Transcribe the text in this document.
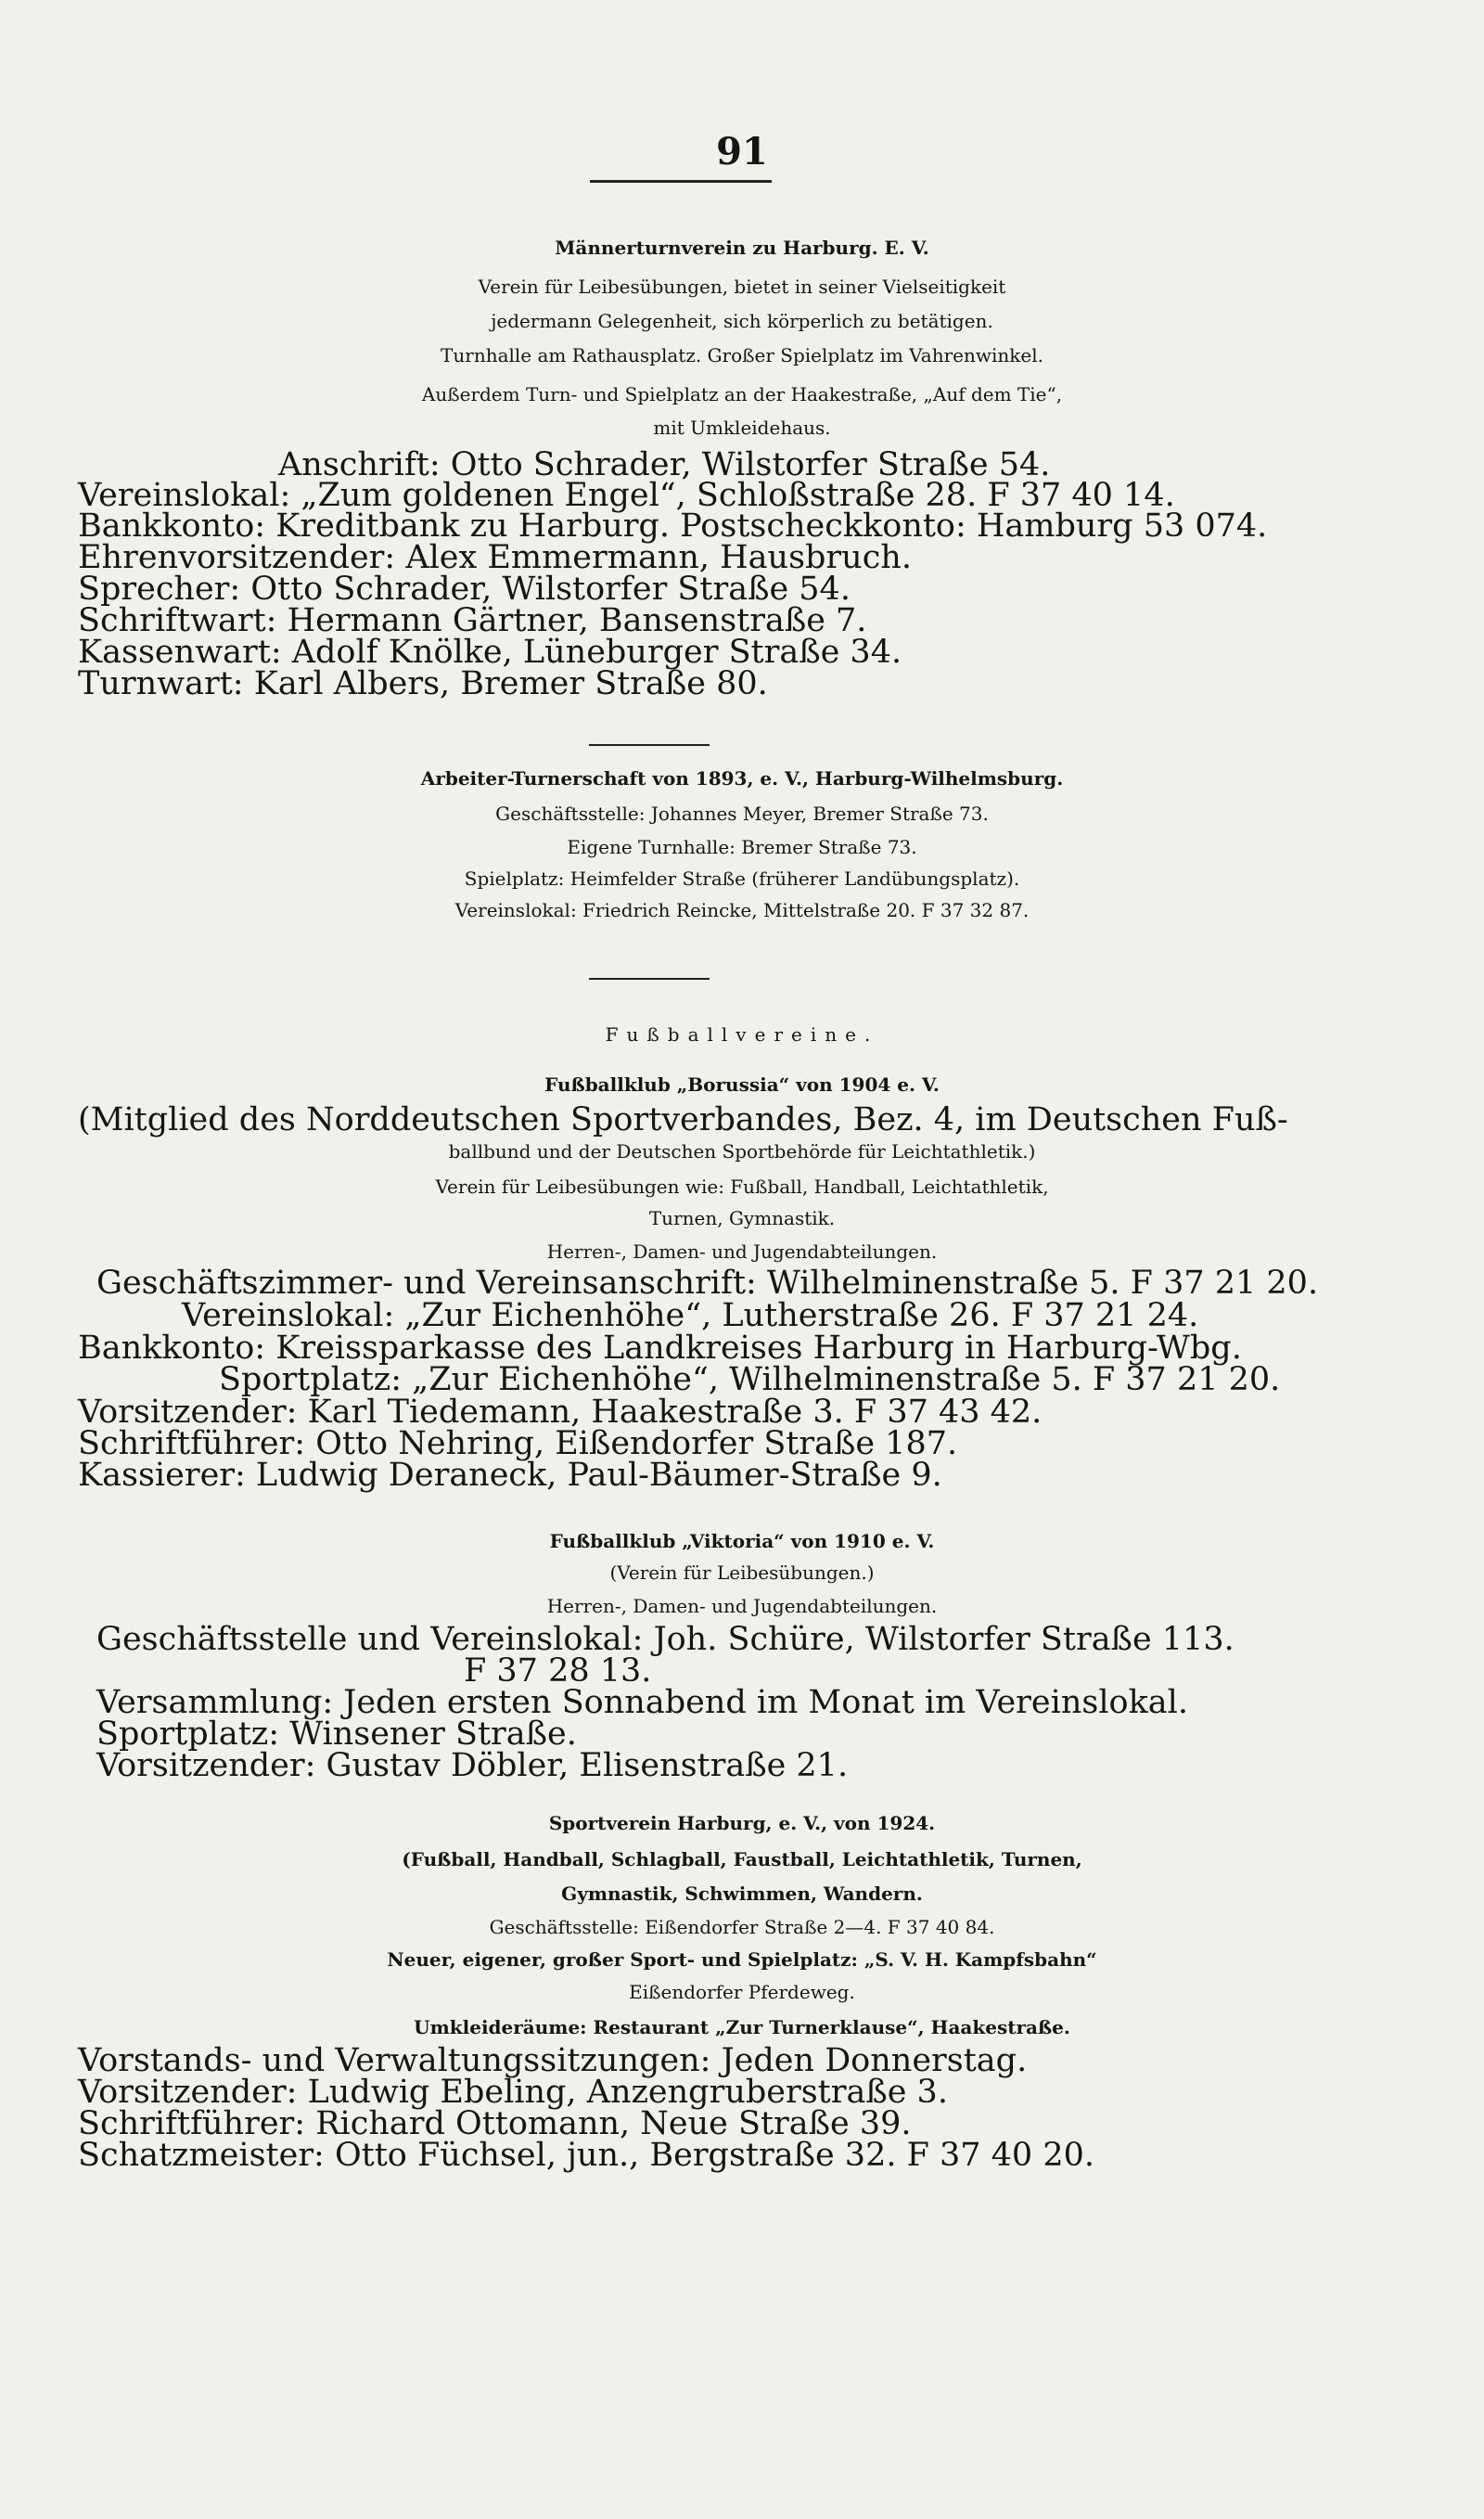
91
Männerturnverein zu Harburg. E. V.
Verein für Leibesübungen, bietet in seiner Vielseitigkeit
jedermann Gelegenheit, sich körperlich zu betätigen.
Turnhalle am Rathausplatz. Großer Spielplatz im Vahrenwinkel.
Außerdem Turn- und Spielplatz an der Haakestraße, „Auf dem Tie“,
mit Umkleidehaus.
Anschrift: Otto Schrader, Wilstorfer Straße 54.
Vereinslokal: „Zum goldenen Engel“, Schloßstraße 28. F 37 40 14.
Bankkonto: Kreditbank zu Harburg. Postscheckkonto: Hamburg 53 074.
Ehrenvorsitzender: Alex Emmermann, Hausbruch.
Sprecher: Otto Schrader, Wilstorfer Straße 54.
Schriftwart: Hermann Gärtner, Bansenstraße 7.
Kassenwart: Adolf Knölke, Lüneburger Straße 34.
Turnwart: Karl Albers, Bremer Straße 80.
Arbeiter-Turnerschaft von 1893, e. V., Harburg-Wilhelmsburg.
Geschäftsstelle: Johannes Meyer, Bremer Straße 73.
Eigene Turnhalle: Bremer Straße 73.
Spielplatz: Heimfelder Straße (früherer Landübungsplatz).
Vereinslokal: Friedrich Reincke, Mittelstraße 20. F 37 32 87.
Fußballvereine.
Fußballklub „Borussia“ von 1904 e. V.
(Mitglied des Norddeutschen Sportverbandes, Bez. 4, im Deutschen Fuß-
ballbund und der Deutschen Sportbehörde für Leichtathletik.)
Verein für Leibesübungen wie: Fußball, Handball, Leichtathletik,
Turnen, Gymnastik.
Herren-, Damen- und Jugendabteilungen.
Geschäftszimmer- und Vereinsanschrift: Wilhelminenstraße 5. F 37 21 20.
Vereinslokal: „Zur Eichenhöhe“, Lutherstraße 26. F 37 21 24.
Bankkonto: Kreissparkasse des Landkreises Harburg in Harburg-Wbg.
Sportplatz: „Zur Eichenhöhe“, Wilhelminenstraße 5. F 37 21 20.
Vorsitzender: Karl Tiedemann, Haakestraße 3. F 37 43 42.
Schriftführer: Otto Nehring, Eißendorfer Straße 187.
Kassierer: Ludwig Deraneck, Paul-Bäumer-Straße 9.
Fußballklub „Viktoria“ von 1910 e. V.
(Verein für Leibesübungen.)
Herren-, Damen- und Jugendabteilungen.
Geschäftsstelle und Vereinslokal: Joh. Schüre, Wilstorfer Straße 113.
F 37 28 13.
Versammlung: Jeden ersten Sonnabend im Monat im Vereinslokal.
Sportplatz: Winsener Straße.
Vorsitzender: Gustav Döbler, Elisenstraße 21.
Sportverein Harburg, e. V., von 1924.
(Fußball, Handball, Schlagball, Faustball, Leichtathletik, Turnen,
Gymnastik, Schwimmen, Wandern.
Geschäftsstelle: Eißendorfer Straße 2—4. F 37 40 84.
Neuer, eigener, großer Sport- und Spielplatz: „S. V. H. Kampfsbahn“
Eißendorfer Pferdeweg.
Umkleideräume: Restaurant „Zur Turnerklause“, Haakestraße.
Vorstands- und Verwaltungssitzungen: Jeden Donnerstag.
Vorsitzender: Ludwig Ebeling, Anzengruberstraße 3.
Schriftführer: Richard Ottomann, Neue Straße 39.
Schatzmeister: Otto Füchsel, jun., Bergstraße 32. F 37 40 20.
